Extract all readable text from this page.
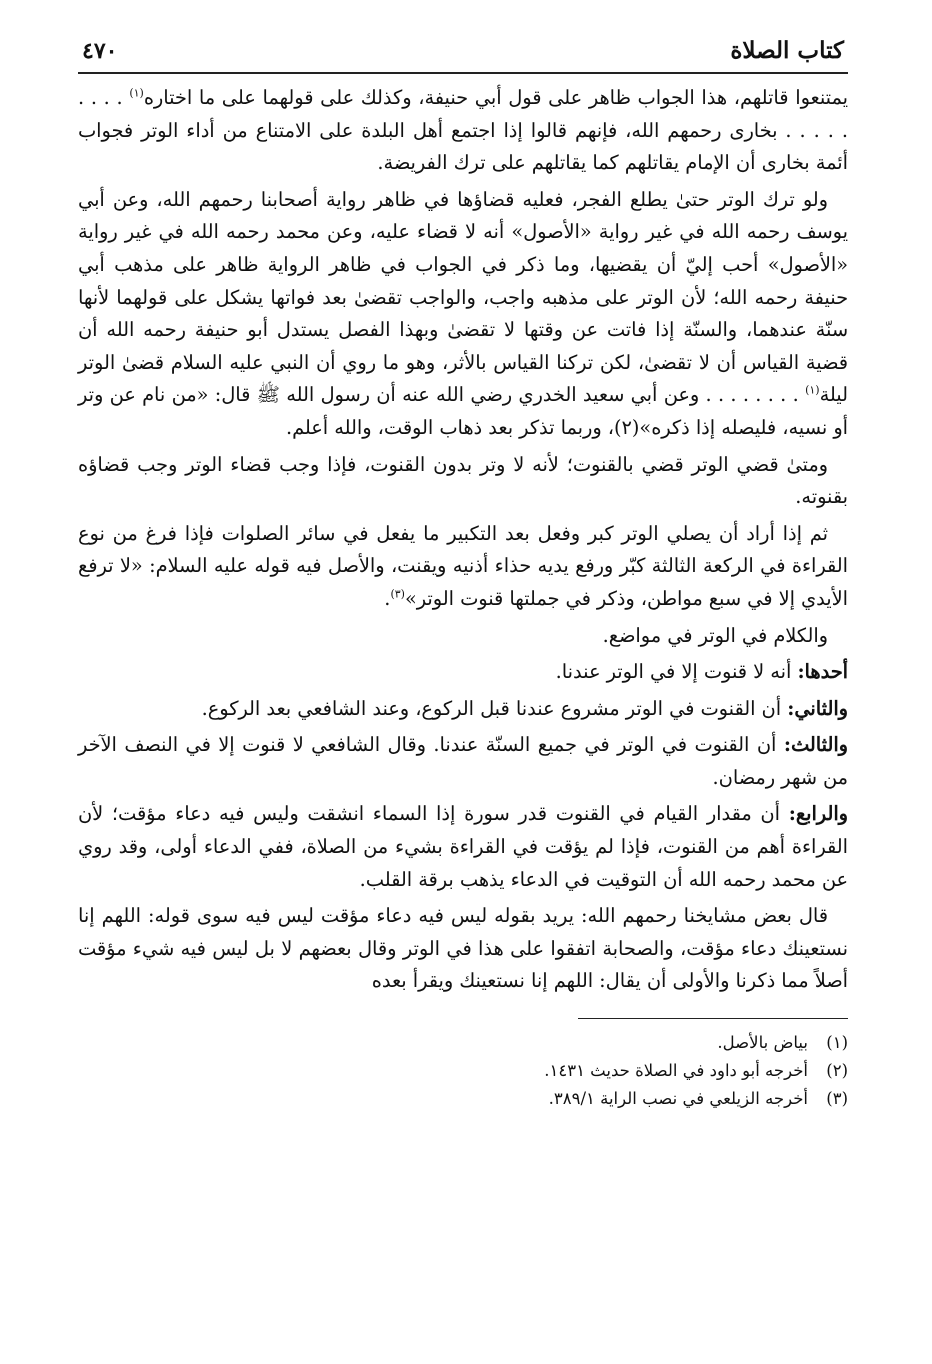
كتاب الصلاة
٤٧٠

يمتنعوا قاتلهم، هذا الجواب ظاهر على قول أبي حنيفة، وكذلك على قولهما على ما اختاره$^{(١)}$ . . . . . . . . . بخارى رحمهم الله، فإنهم قالوا إذا اجتمع أهل البلدة على الامتناع من أداء الوتر فجواب أئمة بخارى أن الإمام يقاتلهم كما يقاتلهم على ترك الفريضة.

ولو ترك الوتر حتىٰ يطلع الفجر، فعليه قضاؤها في ظاهر رواية أصحابنا رحمهم الله، وعن أبي يوسف رحمه الله في غير رواية «الأصول» أنه لا قضاء عليه، وعن محمد رحمه الله في غير رواية «الأصول» أحب إليّ أن يقضيها، وما ذكر في الجواب في ظاهر الرواية ظاهر على مذهب أبي حنيفة رحمه الله؛ لأن الوتر على مذهبه واجب، والواجب تقضىٰ بعد فواتها يشكل على قولهما لأنها سنّة عندهما، والسنّة إذا فاتت عن وقتها لا تقضىٰ وبهذا الفصل يستدل أبو حنيفة رحمه الله أن قضية القياس أن لا تقضىٰ، لكن تركنا القياس بالأثر، وهو ما روي أن النبي عليه السلام قضىٰ الوتر ليلة$^{(١)}$ . . . . . . . . وعن أبي سعيد الخدري رضي الله عنه أن رسول الله ﷺ قال: «من نام عن وتر أو نسيه، فليصله إذا ذكره»(٢)، وربما تذكر بعد ذهاب الوقت، والله أعلم.

ومتىٰ قضي الوتر قضي بالقنوت؛ لأنه لا وتر بدون القنوت، فإذا وجب قضاء الوتر وجب قضاؤه بقنوته.

ثم إذا أراد أن يصلي الوتر كبر وفعل بعد التكبير ما يفعل في سائر الصلوات فإذا فرغ من نوع القراءة في الركعة الثالثة كبّر ورفع يديه حذاء أذنيه ويقنت، والأصل فيه قوله عليه السلام: «لا ترفع الأيدي إلا في سبع مواطن، وذكر في جملتها قنوت الوتر»$^{(٣)}$.

والكلام في الوتر في مواضع.

أحدها: أنه لا قنوت إلا في الوتر عندنا.

والثاني: أن القنوت في الوتر مشروع عندنا قبل الركوع، وعند الشافعي بعد الركوع.

والثالث: أن القنوت في الوتر في جميع السنّة عندنا. وقال الشافعي لا قنوت إلا في النصف الآخر من شهر رمضان.

والرابع: أن مقدار القيام في القنوت قدر سورة إذا السماء انشقت وليس فيه دعاء مؤقت؛ لأن القراءة أهم من القنوت، فإذا لم يؤقت في القراءة بشيء من الصلاة، ففي الدعاء أولى، وقد روي عن محمد رحمه الله أن التوقيت في الدعاء يذهب برقة القلب.

قال بعض مشايخنا رحمهم الله: يريد بقوله ليس فيه دعاء مؤقت ليس فيه سوى قوله: اللهم إنا نستعينك دعاء مؤقت، والصحابة اتفقوا على هذا في الوتر وقال بعضهم لا بل ليس فيه شيء مؤقت أصلاً مما ذكرنا والأولى أن يقال: اللهم إنا نستعينك ويقرأ بعده

(١)
بياض بالأصل.
(٢)
أخرجه أبو داود في الصلاة حديث ١٤٣١.
(٣)
أخرجه الزيلعي في نصب الراية ٣٨٩/١.
